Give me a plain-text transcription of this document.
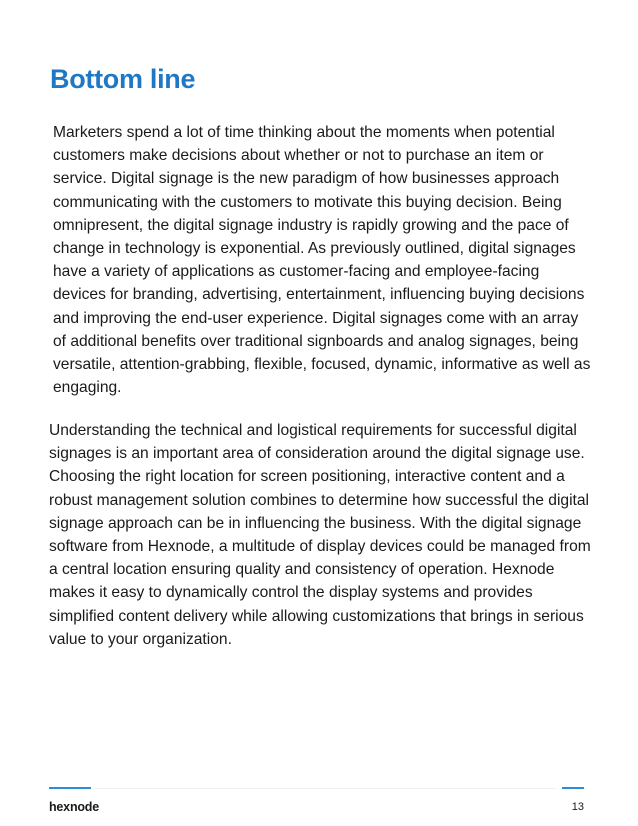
Bottom line

Marketers spend a lot of time thinking about the moments when potential customers make decisions about whether or not to purchase an item or service. Digital signage is the new paradigm of how businesses approach communicating with the customers to motivate this buying decision. Being omnipresent, the digital signage industry is rapidly growing and the pace of change in technology is exponential. As previously outlined, digital signages have a variety of applications as customer-facing and employee-facing devices for branding, advertising, entertainment, influencing buying decisions and improving the end-user experience. Digital signages come with an array of additional benefits over traditional signboards and analog signages, being versatile, attention-grabbing, flexible, focused, dynamic, informative as well as engaging.

Understanding the technical and logistical requirements for successful digital signages is an important area of consideration around the digital signage use. Choosing the right location for screen positioning, interactive content and a robust management solution combines to determine how successful the digital signage approach can be in influencing the business. With the digital signage software from Hexnode, a multitude of display devices could be managed from a central location ensuring quality and consistency of operation. Hexnode makes it easy to dynamically control the display systems and provides simplified content delivery while allowing customizations that brings in serious value to your organization.

hexnode	13
